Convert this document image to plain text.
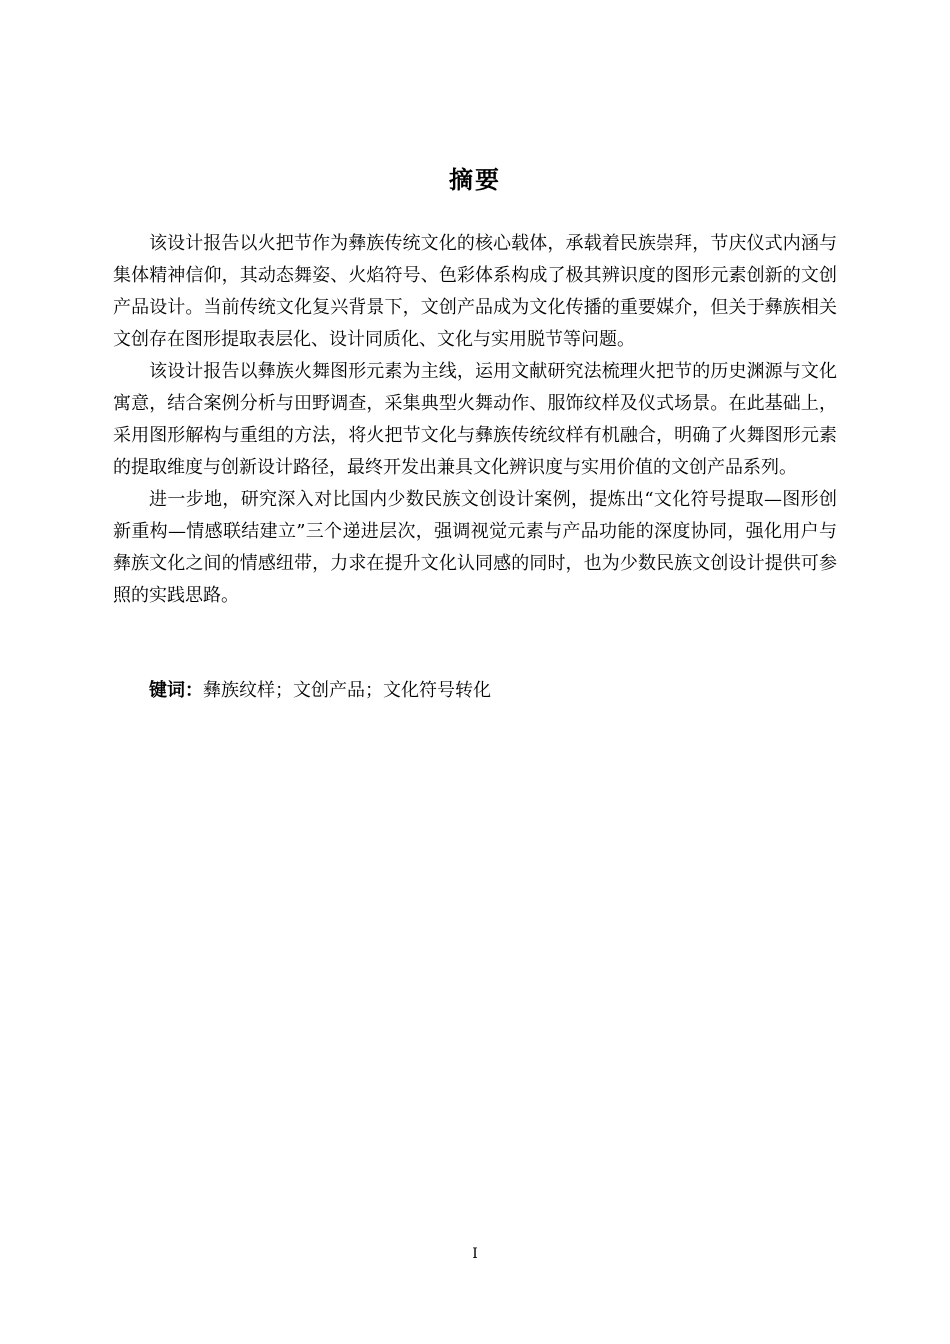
摘要

该设计报告以火把节作为彝族传统文化的核心载体，承载着民族崇拜，节庆仪式内涵与集体精神信仰，其动态舞姿、火焰符号、色彩体系构成了极其辨识度的图形元素创新的文创产品设计。当前传统文化复兴背景下，文创产品成为文化传播的重要媒介，但关于彝族相关文创存在图形提取表层化、设计同质化、文化与实用脱节等问题。

该设计报告以彝族火舞图形元素为主线，运用文献研究法梳理火把节的历史渊源与文化寓意，结合案例分析与田野调查，采集典型火舞动作、服饰纹样及仪式场景。在此基础上，采用图形解构与重组的方法，将火把节文化与彝族传统纹样有机融合，明确了火舞图形元素的提取维度与创新设计路径，最终开发出兼具文化辨识度与实用价值的文创产品系列。

进一步地，研究深入对比国内少数民族文创设计案例，提炼出“文化符号提取—图形创新重构—情感联结建立”三个递进层次，强调视觉元素与产品功能的深度协同，强化用户与彝族文化之间的情感纽带，力求在提升文化认同感的同时，也为少数民族文创设计提供可参照的实践思路。

键词：彝族纹样；文创产品；文化符号转化
I
